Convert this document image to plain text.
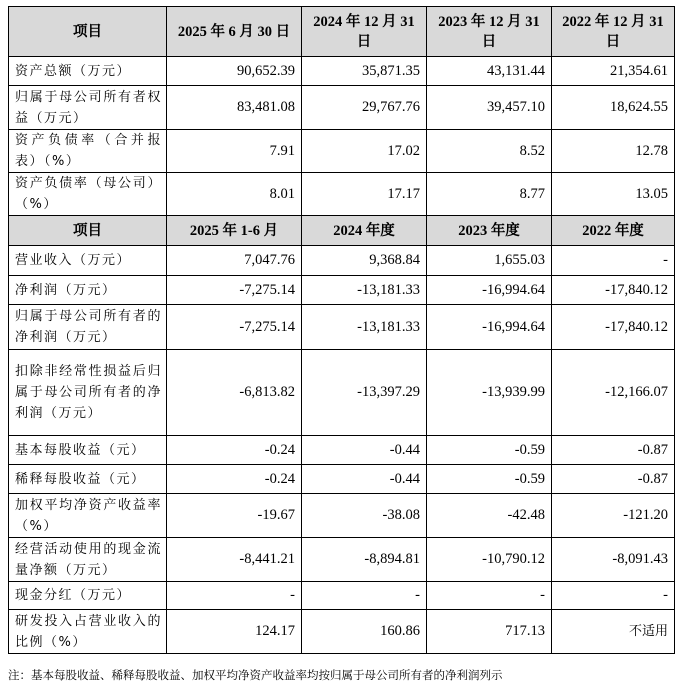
项目	2025 年 6 月 30 日	2024 年 12 月 31 日	2023 年 12 月 31 日	2022 年 12 月 31 日
资产总额（万元）	90,652.39	35,871.35	43,131.44	21,354.61
归属于母公司所有者权益（万元）	83,481.08	29,767.76	39,457.10	18,624.55
资产负债率（合并报表）（%）	7.91	17.02	8.52	12.78
资产负债率（母公司）（%）	8.01	17.17	8.77	13.05
项目	2025 年 1-6 月	2024 年度	2023 年度	2022 年度
营业收入（万元）	7,047.76	9,368.84	1,655.03	-
净利润（万元）	-7,275.14	-13,181.33	-16,994.64	-17,840.12
归属于母公司所有者的净利润（万元）	-7,275.14	-13,181.33	-16,994.64	-17,840.12
扣除非经常性损益后归属于母公司所有者的净利润（万元）	-6,813.82	-13,397.29	-13,939.99	-12,166.07
基本每股收益（元）	-0.24	-0.44	-0.59	-0.87
稀释每股收益（元）	-0.24	-0.44	-0.59	-0.87
加权平均净资产收益率（%）	-19.67	-38.08	-42.48	-121.20
经营活动使用的现金流量净额（万元）	-8,441.21	-8,894.81	-10,790.12	-8,091.43
现金分红（万元）	-	-	-	-
研发投入占营业收入的比例（%）	124.17	160.86	717.13	不适用
注：基本每股收益、稀释每股收益、加权平均净资产收益率均按归属于母公司所有者的净利润列示
